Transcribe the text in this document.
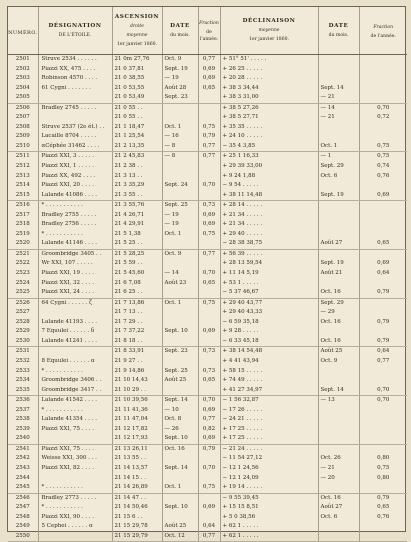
NUMÉRO.	DÉSIGNATION
DE L'ÉTOILE.	ASCENSION
droite
moyenne
1er janvier 1860.	DATE
du mois.	Fraction
de l'année.	DÉCLINAISON
moyenne
1er janvier 1860.	DATE
du mois.	Fraction
de l'année.

2501	Struve 2534 . . . . . .	21 0m 27,76	Oct. 9	0,77	+ 51° 51' . . . . .		
2502	Piazzi XX, 475 . . . .	21 0 37,81	Sept. 19	0,69	+ 26 25 . . . . .		
2503	Robinson 4570 . . . .	21 0 38,55	— 19	0,69	+ 20 28 . . . . .		
2504	61 Cygni . . . . . . .	21 0 53,55	Août 28	0,65	+ 38 3 34,44	Sept. 14	
2505		21 0 53,49	Sept. 23		+ 38 3 31,00	— 21	
2506	Bradley 2745 . . . . .	21 0 55 . .			+ 38 5 27,26	— 14	0,70
2507		21 0 55 . .			+ 38 5 27,71	— 21	0,72
2508	Struve 2537 (2e ét.) . .	21 1 18,47	Oct. 1	0,75	+ 35 35 . . . . .		
2509	Lacaille 8704 . . . . .	21 1 25,54	— 16	0,79	+ 24 10 . . . . .		
2510	αCéphée 31462 . . . .	21 2 13,35	— 8	0,77	− 35 4 3,85	Oct. 1	0,75
2511	Piazzi XXI, 3 . . . . .	21 2 45,83	— 8	0,77	+ 25 1 16,33	— 1	0,75
2512	Piazzi XXI, 1 . . . . .	21 2 38 . .			+ 29 39 33,00	Sept. 29	0,74
2513	Piazzi XX, 492 . . . .	21 3 13 . .			+ 9 24 1,88	Oct. 6	0,76
2514	Piazzi XXI, 20 . . . .	21 3 35,29	Sept. 24	0,70	− 9 54 . . . . .		
2515	Lalande 41086 . . . .	21 3 55 . .			+ 38 11 14,48	Sept. 19	0,69
2516	* . . . . . . . . . . .	21 3 55,76	Sept. 25	0,73	+ 28 14 . . . . .		
2517	Bradley 2755 . . . . .	21 4 26,71	— 19	0,69	+ 21 34 . . . . .		
2518	Bradley 2756 . . . . .	21 4 29,91	— 19	0,69	+ 21 34 . . . . .		
2519	* . . . . . . . . . . .	21 5 1,38	Oct. 1	0,75	+ 29 40 . . . . .		
2520	Lalande 41146 . . . .	21 5 25 . .			− 28 38 38,75	Août 27	0,65
2521	Groombridge 3405 . .	21 5 28,25	Oct. 9	0,77	+ 56 39 . . . . .		
2522	Wr XXI, 107 . . . . .	21 5 59 . .			+ 28 13 59,54	Sept. 19	0,69
2523	Piazzi XXI, 19 . . . .	21 5 45,60	— 14	0,70	+ 11 14 5,19	Août 21	0,64
2524	Piazzi XXI, 32 . . . .	21 6 7,08	Août 23	0,65	+ 53 1 . . . . .		
2525	Piazzi XXI, 24 . . . .	21 6 25 . .			− 5 37 46,67	Oct. 16	0,79
2526	64 Cygni . . . . . . ζ	21 7 13,86	Oct. 1	0,75	+ 29 40 43,77	Sept. 29	
2527		21 7 13 . .			+ 29 40 43,33	— 29	
2528	Lalande 41193 . . . .	21 7 29 . .			− 6 59 35,18	Oct. 16	0,79
2529	7 Equulei . . . . . . δ	21 7 37,22	Sept. 10	0,69	+ 9 28 . . . . .		
2530	Lalande 41241 . . . .	21 8 18 . .			− 6 33 45,18	Oct. 16	0,79
2531		21 8 33,91	Sept. 23	0,73	+ 38 14 54,48	Août 25	0,64
2532	8 Equulei . . . . . . α	21 9 27 . .			+ 4 41 43,94	Oct. 9	0,77
2533	* . . . . . . . . . . .	21 9 14,86	Sept. 25	0,73	+ 58 15 . . . . .		
2534	Groombridge 3406 . .	21 10 14,43	Août 25	0,65	+ 74 49 . . . . .		
2535	Groombridge 3417 . .	21 10 29 . .			+ 41 27 34,97	Sept. 14	0,70
2536	Lalande 41542 . . . .	21 10 39,56	Sept. 14	0,70	− 1 56 32,87	— 13	0,70
2537	* . . . . . . . . . . .	21 11 41,36	— 10	0,69	− 17 26 . . . . .		
2538	Lalande 41354 . . . .	21 11 47,04	Oct. 8	0,77	− 24 21 . . . . .		
2539	Piazzi XXI, 75 . . . .	21 12 17,82	— 26	0,82	+ 17 25 . . . . .		
2540		21 12 17,93	Sept. 10	0,69	+ 17 25 . . . . .		
2541	Piazzi XXI, 75 . . . .	21 13 26,11	Oct. 16	0,79	− 21 24 . . . . .		
2542	Weisse XXI, 300 . . .	21 13 55 . .			− 11 54 27,12	Oct. 26	0,80
2543	Piazzi XXI, 82 . . . .	21 14 13,57	Sept. 14	0,70	− 12 1 24,56	— 21	0,75
2544		21 14 15 . .			− 12 1 24,09	— 20	0,80
2545	* . . . . . . . . . . .	21 14 26,89	Oct. 1	0,75	+ 19 14 . . . . .		
2546	Bradley 2773 . . . . .	21 14 47 . .			− 9 55 39,45	Oct. 16	0,79
2547	* . . . . . . . . . . .	21 14 50,46	Sept. 10	0,69	+ 15 15 8,51	Août 27	0,65
2548	Piazzi XXI, 90 . . . .	21 15 6 . .			+ 5 0 38,56	Oct. 6	0,76
2549	5 Cephei . . . . . . α	21 15 29,78	Août 25	0,64	+ 62 1 . . . . .		
2550		21 15 29,79	Oct. 12	0,77	+ 62 1 . . . . .		
